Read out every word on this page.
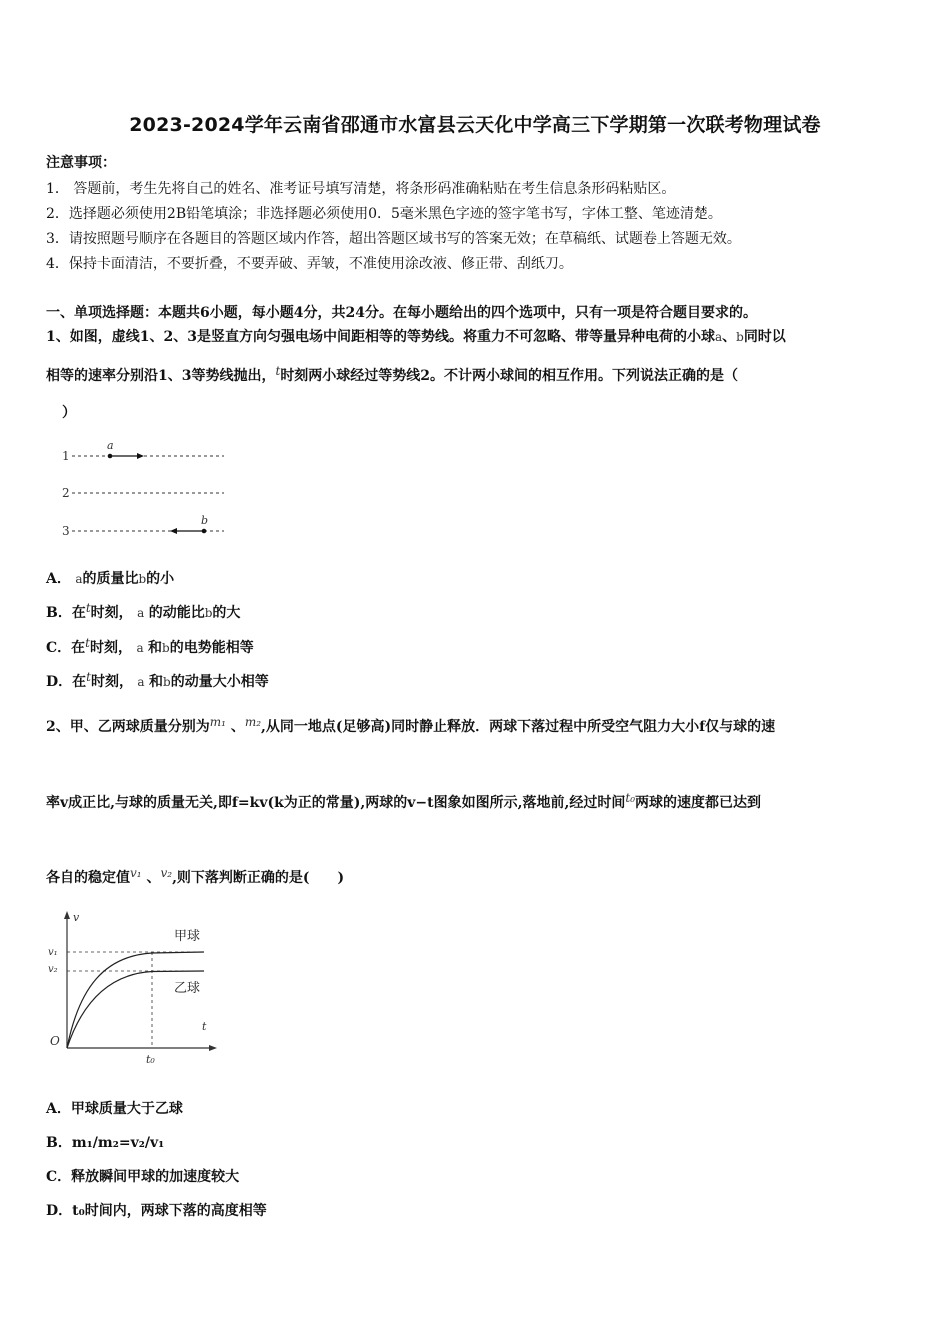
2023-2024学年云南省邵通市水富县云天化中学高三下学期第一次联考物理试卷
注意事项：
1． 答题前，考生先将自己的姓名、准考证号填写清楚，将条形码准确粘贴在考生信息条形码粘贴区。
2．选择题必须使用2B铅笔填涂；非选择题必须使用0．5毫米黑色字迹的签字笔书写，字体工整、笔迹清楚。
3．请按照题号顺序在各题目的答题区域内作答，超出答题区域书写的答案无效；在草稿纸、试题卷上答题无效。
4．保持卡面清洁，不要折叠，不要弄破、弄皱，不准使用涂改液、修正带、刮纸刀。
一、单项选择题：本题共6小题，每小题4分，共24分。在每小题给出的四个选项中，只有一项是符合题目要求的。
1、如图，虚线1、2、3是竖直方向匀强电场中间距相等的等势线。将重力不可忽略、带等量异种电荷的小球a、b同时以
相等的速率分别沿1、3等势线抛出，t时刻两小球经过等势线2。不计两小球间的相互作用。下列说法正确的是（
）
1
2
3
a
b
A． a的质量比b的小
B．在t时刻， a 的动能比b的大
C．在t时刻， a 和b的电势能相等
D．在t时刻， a 和b的动量大小相等
2、甲、乙两球质量分别为m₁ 、m₂,从同一地点(足够高)同时静止释放．两球下落过程中所受空气阻力大小f仅与球的速
率v成正比,与球的质量无关,即f=kv(k为正的常量),两球的v−t图象如图所示,落地前,经过时间t₀两球的速度都已达到
各自的稳定值v₁ 、v₂,则下落判断正确的是(　　)
v
t
O
v₁
v₂
甲球
乙球
t₀
A．甲球质量大于乙球
B．m₁/m₂=v₂/v₁
C．释放瞬间甲球的加速度较大
D．t₀时间内，两球下落的高度相等
